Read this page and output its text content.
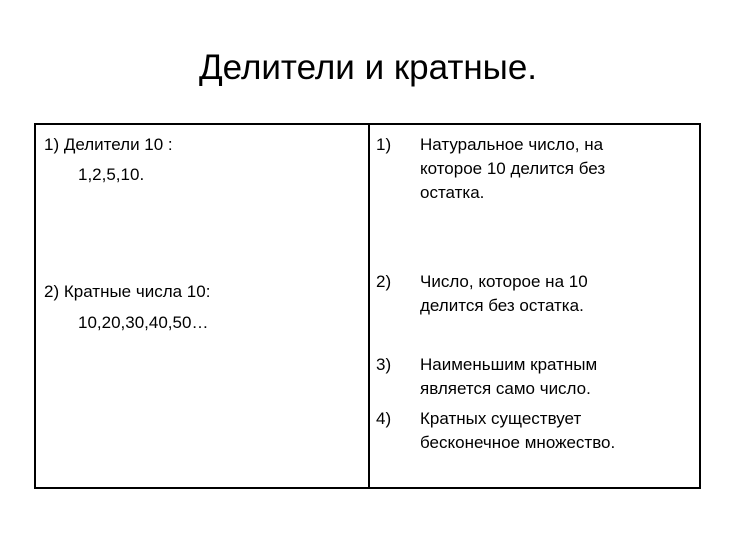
Делители и кратные.
1) Делители 10 :
1,2,5,10.
2) Кратные числа 10:
10,20,30,40,50…
1) Натуральное число, на
которое 10 делится без
остатка.
2) Число, которое на 10
делится без остатка.
3) Наименьшим кратным
является само число.
4) Кратных существует
бесконечное множество.
